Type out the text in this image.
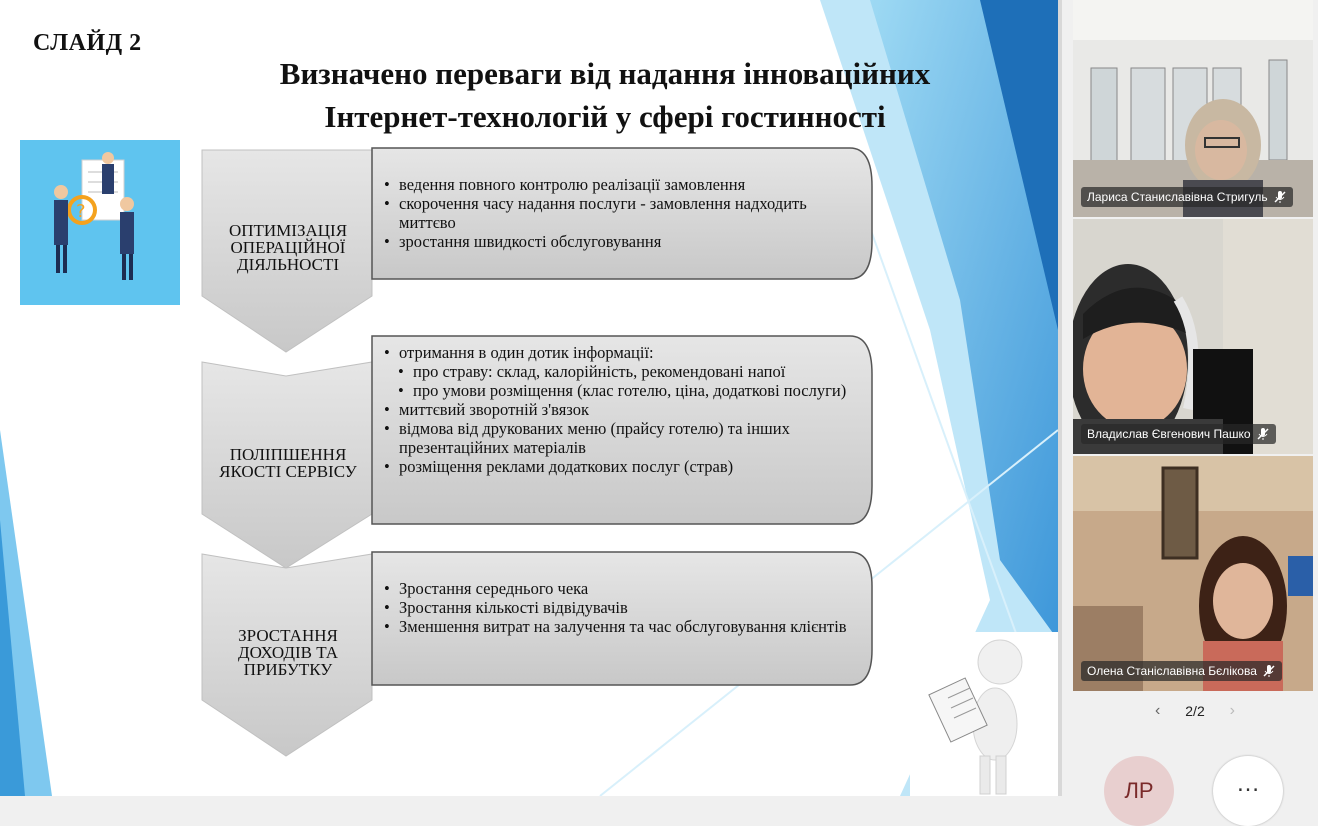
СЛАЙД 2
Визначено переваги від надання інноваційних
Інтернет-технологій у сфері гостинності
?
ОПТИМІЗАЦІЯ
ОПЕРАЦІЙНОЇ
ДІЯЛЬНОСТІ
• ведення повного контролю реалізації замовлення
• скорочення часу надання послуги - замовлення надходить миттєво
• зростання швидкості обслуговування
ПОЛІПШЕННЯ
ЯКОСТІ СЕРВІСУ
• отримання в один дотик інформації:
• про страву: склад, калорійність, рекомендовані напої
• про умови розміщення (клас готелю, ціна, додаткові послуги)
• миттєвий зворотній з'вязок
• відмова від друкованих меню (прайсу готелю) та інших презентаційних матеріалів
• розміщення реклами додаткових послуг (страв)
ЗРОСТАННЯ
ДОХОДІВ ТА
ПРИБУТКУ
• Зростання середнього чека
• Зростання кількості відвідувачів
• Зменшення витрат на залучення та час обслуговування клієнтів
Лариса Станиславівна Стригуль
Владислав Євгенович Пашко
Олена Станіславівна Бєлікова
‹ 2/2 ›
ЛР	…
